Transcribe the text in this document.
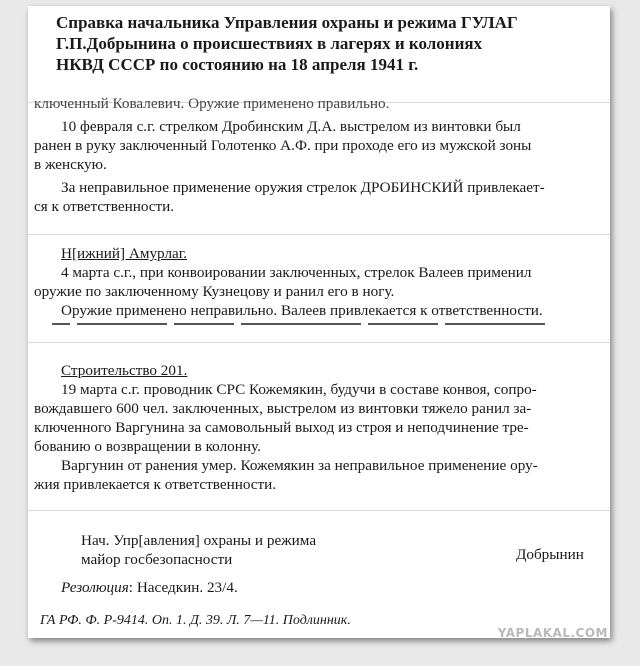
Справка начальника Управления охраны и режима ГУЛАГ
Г.П.Добрынина о происшествиях в лагерях и колониях
НКВД СССР по состоянию на 18 апреля 1941 г.
ключенный Ковалевич. Оружие применено правильно.
10 февраля с.г. стрелком Дробинским Д.А. выстрелом из винтовки был
ранен в руку заключенный Голотенко А.Ф. при проходе его из мужской зоны
в женскую.
За неправильное применение оружия стрелок ДРОБИНСКИЙ привлекает-
ся к ответственности.
Н[ижний] Амурлаг.
4 марта с.г., при конвоировании заключенных, стрелок Валеев применил
оружие по заключенному Кузнецову и ранил его в ногу.
Оружие применено неправильно. Валеев привлекается к ответственности.
Строительство 201.
19 марта с.г. проводник СРС Кожемякин, будучи в составе конвоя, сопро-
вождавшего 600 чел. заключенных, выстрелом из винтовки тяжело ранил за-
ключенного Варгунина за самовольный выход из строя и неподчинение тре-
бованию о возвращении в колонну.
Варгунин от ранения умер. Кожемякин за неправильное применение ору-
жия привлекается к ответственности.
Нач. Упр[авления] охраны и режима
майор госбезопасности	Добрынин
Резолюция: Наседкин. 23/4.
ГА РФ. Ф. Р-9414. Оп. 1. Д. 39. Л. 7—11. Подлинник.
YAPLAKAL.COM
